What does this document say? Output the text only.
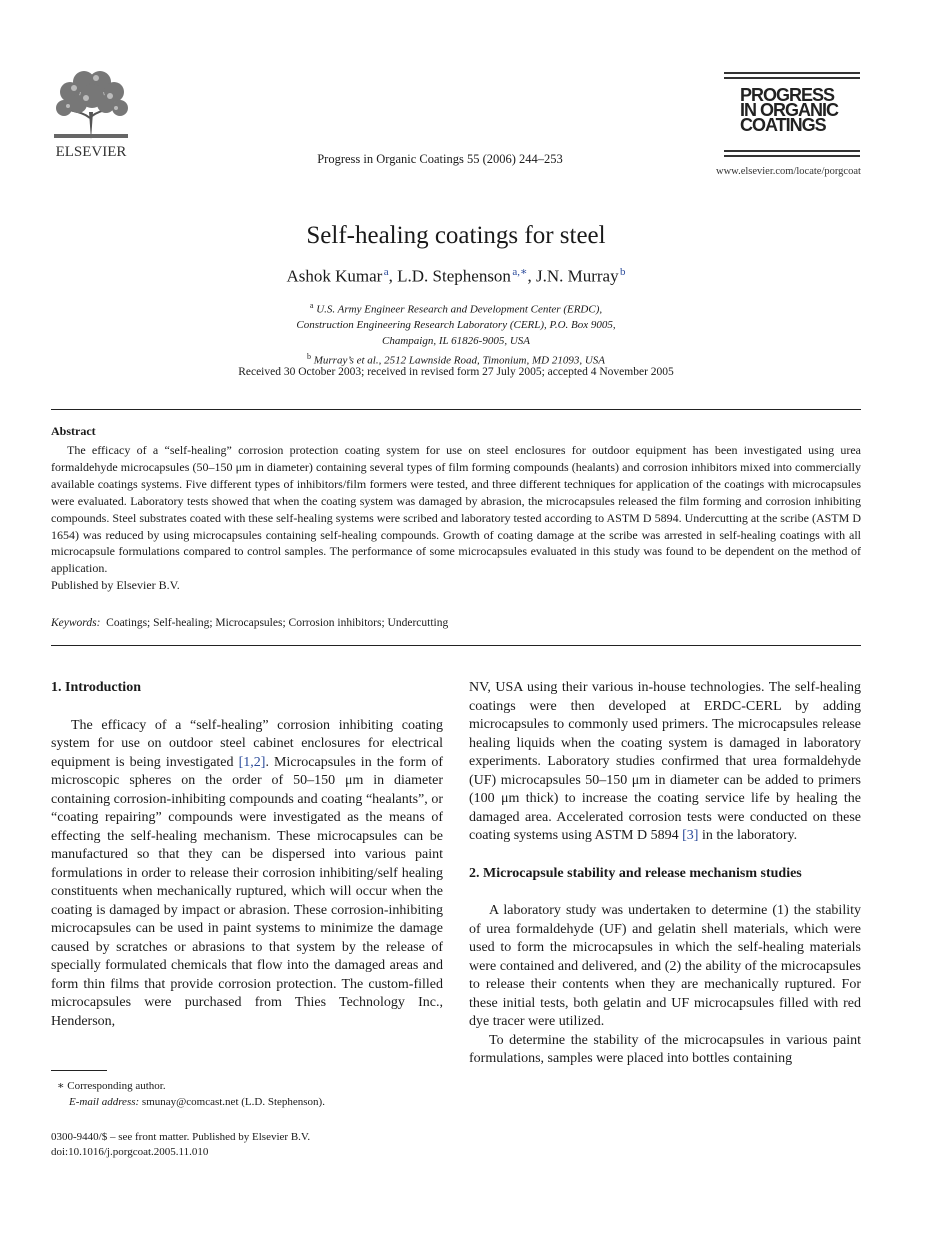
ELSEVIER	Progress in Organic Coatings 55 (2006) 244–253
PROGRESS
IN ORGANIC
COATINGS
www.elsevier.com/locate/porgcoat
Self-healing coatings for steel
Ashok Kumar $^a$, L.D. Stephenson $^{a,∗}$, J.N. Murray $^b$
$^a$ U.S. Army Engineer Research and Development Center (ERDC),
Construction Engineering Research Laboratory (CERL), P.O. Box 9005,
Champaign, IL 61826-9005, USA
$^b$ Murray’s et al., 2512 Lawnside Road, Timonium, MD 21093, USA
Received 30 October 2003; received in revised form 27 July 2005; accepted 4 November 2005
Abstract

The efficacy of a “self-healing” corrosion protection coating system for use on steel enclosures for outdoor equipment has been investigated using urea formaldehyde microcapsules (50–150 μm in diameter) containing several types of film forming compounds (healants) and corrosion inhibitors mixed into commercially available coatings systems. Five different types of inhibitors/film formers were tested, and three different techniques for application of the coatings with microcapsules were evaluated. Laboratory tests showed that when the coating system was damaged by abrasion, the microcapsules released the film forming and corrosion inhibiting compounds. Steel substrates coated with these self-healing systems were scribed and laboratory tested according to ASTM D 5894. Undercutting at the scribe (ASTM D 1654) was reduced by using microcapsules containing self-healing compounds. Growth of coating damage at the scribe was arrested in self-healing coatings with all microcapsule formulations compared to control samples. The performance of some microcapsules evaluated in this study was found to be dependent on the method of application.

Published by Elsevier B.V.
Keywords: Coatings; Self-healing; Microcapsules; Corrosion inhibitors; Undercutting
1. Introduction

The efficacy of a “self-healing” corrosion inhibiting coating system for use on outdoor steel cabinet enclosures for electrical equipment is being investigated [1,2]. Microcapsules in the form of microscopic spheres on the order of 50–150 μm in diameter containing corrosion-inhibiting compounds and coating “healants”, or “coating repairing” compounds were investigated as the means of effecting the self-healing mechanism. These microcapsules can be manufactured so that they can be dispersed into various paint formulations in order to release their corrosion inhibiting/self healing constituents when mechanically ruptured, which will occur when the coating is damaged by impact or abrasion. These corrosion-inhibiting microcapsules can be used in paint systems to minimize the damage caused by scratches or abrasions to that system by the release of specially formulated chemicals that flow into the damaged areas and form thin films that provide corrosion protection. The custom-filled microcapsules were purchased from Thies Technology Inc., Henderson,

NV, USA using their various in-house technologies. The self-healing coatings were then developed at ERDC-CERL by adding microcapsules to commonly used primers. The microcapsules release healing liquids when the coating system is damaged in laboratory experiments. Laboratory studies confirmed that urea formaldehyde (UF) microcapsules 50–150 μm in diameter can be added to primers (100 μm thick) to increase the coating service life by healing the damaged area. Accelerated corrosion tests were conducted on these coating systems using ASTM D 5894 [3] in the laboratory.

2. Microcapsule stability and release mechanism studies

A laboratory study was undertaken to determine (1) the stability of urea formaldehyde (UF) and gelatin shell materials, which were used to form the microcapsules in which the self-healing materials were contained and delivered, and (2) the ability of the microcapsules to release their contents when they are mechanically ruptured. For these initial tests, both gelatin and UF microcapsules filled with red dye tracer were utilized.

To determine the stability of the microcapsules in various paint formulations, samples were placed into bottles containing

∗ Corresponding author.
E-mail address: smunay@comcast.net (L.D. Stephenson).
0300-9440/$ – see front matter. Published by Elsevier B.V.
doi:10.1016/j.porgcoat.2005.11.010
